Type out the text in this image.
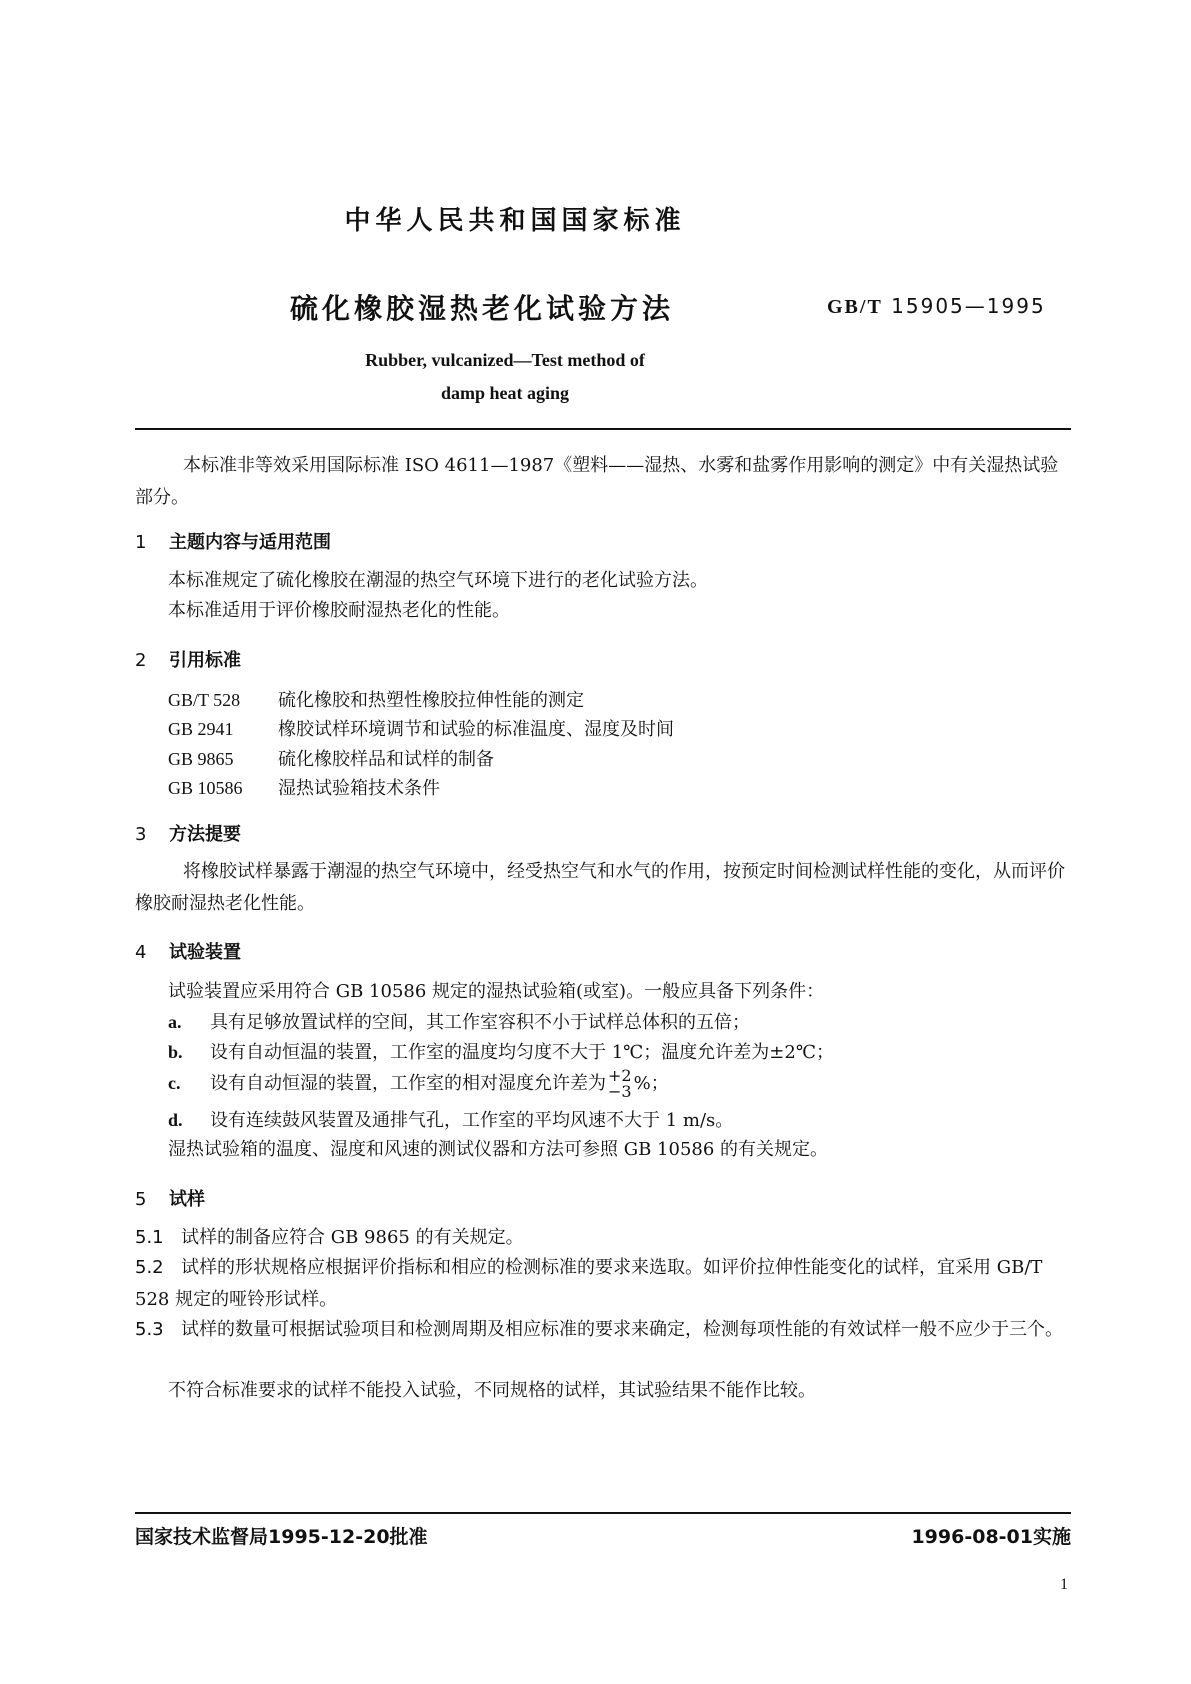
中华人民共和国国家标准
硫化橡胶湿热老化试验方法	GB/T 15905—1995
Rubber, vulcanized—Test method of
damp heat aging
本标准非等效采用国际标准 ISO 4611—1987《塑料——湿热、水雾和盐雾作用影响的测定》中有关湿热试验部分。
1 主题内容与适用范围
本标准规定了硫化橡胶在潮湿的热空气环境下进行的老化试验方法。
本标准适用于评价橡胶耐湿热老化的性能。
2 引用标准
GB/T 528 硫化橡胶和热塑性橡胶拉伸性能的测定
GB 2941 橡胶试样环境调节和试验的标准温度、湿度及时间
GB 9865 硫化橡胶样品和试样的制备
GB 10586 湿热试验箱技术条件
3 方法提要
将橡胶试样暴露于潮湿的热空气环境中，经受热空气和水气的作用，按预定时间检测试样性能的变化，从而评价橡胶耐湿热老化性能。
4 试验装置
试验装置应采用符合 GB 10586 规定的湿热试验箱(或室)。一般应具备下列条件：
a. 具有足够放置试样的空间，其工作室容积不小于试样总体积的五倍；
b. 设有自动恒温的装置，工作室的温度均匀度不大于 1℃；温度允许差为±2℃；
c. 设有自动恒湿的装置，工作室的相对湿度允许差为 +2
−3 %；
d. 设有连续鼓风装置及通排气孔，工作室的平均风速不大于 1 m/s。
湿热试验箱的温度、湿度和风速的测试仪器和方法可参照 GB 10586 的有关规定。
5 试样
5.1 试样的制备应符合 GB 9865 的有关规定。
5.2 试样的形状规格应根据评价指标和相应的检测标准的要求来选取。如评价拉伸性能变化的试样，宜采用 GB/T 528 规定的哑铃形试样。
5.3 试样的数量可根据试验项目和检测周期及相应标准的要求来确定，检测每项性能的有效试样一般不应少于三个。
不符合标准要求的试样不能投入试验，不同规格的试样，其试验结果不能作比较。
国家技术监督局1995-12-20批准	1996-08-01实施
1
